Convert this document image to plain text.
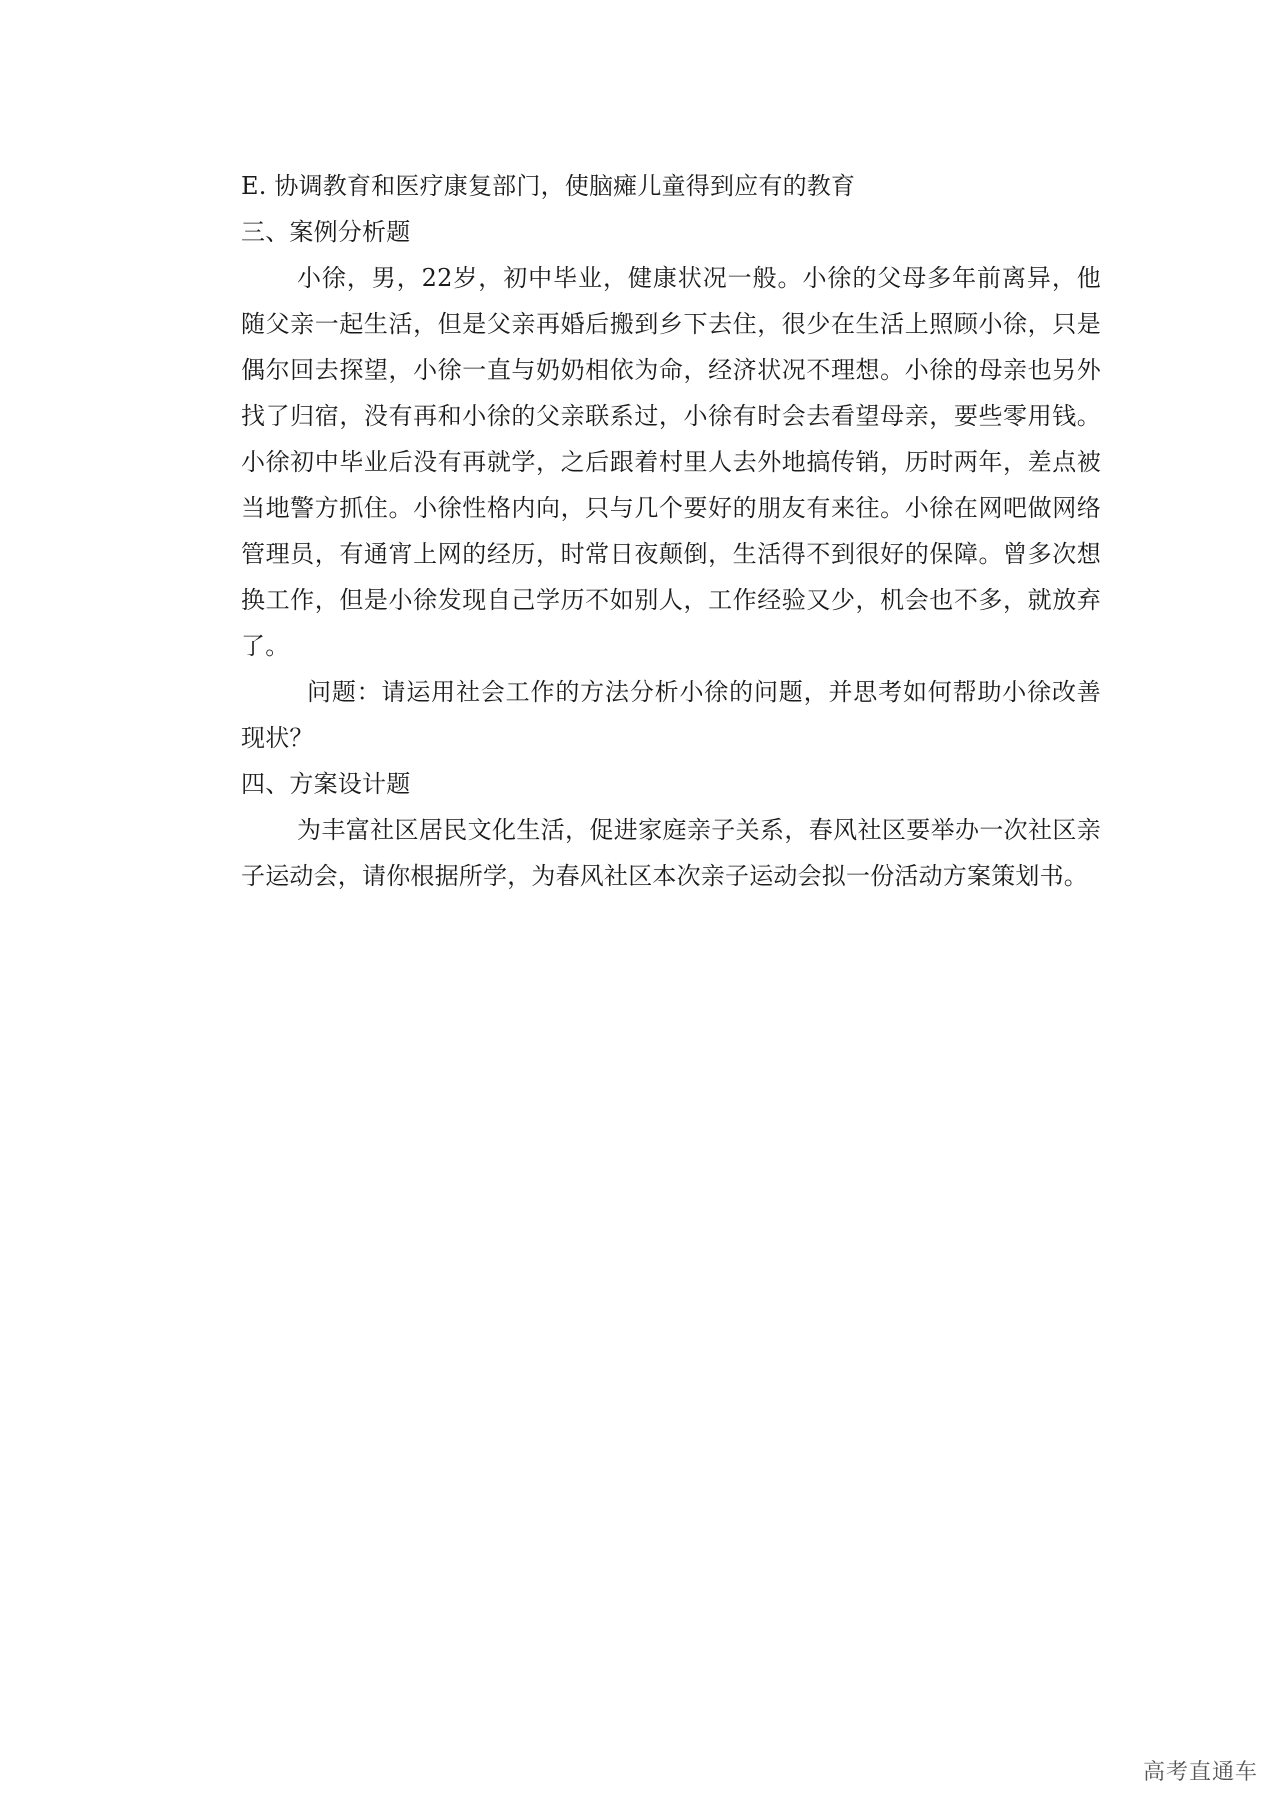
E. 协调教育和医疗康复部门，使脑瘫儿童得到应有的教育
三、案例分析题
小徐，男，22岁，初中毕业，健康状况一般。小徐的父母多年前离异，他随父亲一起生活，但是父亲再婚后搬到乡下去住，很少在生活上照顾小徐，只是偶尔回去探望，小徐一直与奶奶相依为命，经济状况不理想。小徐的母亲也另外找了归宿，没有再和小徐的父亲联系过，小徐有时会去看望母亲，要些零用钱。小徐初中毕业后没有再就学，之后跟着村里人去外地搞传销，历时两年，差点被当地警方抓住。小徐性格内向，只与几个要好的朋友有来往。小徐在网吧做网络管理员，有通宵上网的经历，时常日夜颠倒，生活得不到很好的保障。曾多次想换工作，但是小徐发现自己学历不如别人，工作经验又少，机会也不多，就放弃了。
问题：请运用社会工作的方法分析小徐的问题，并思考如何帮助小徐改善现状？
四、方案设计题
为丰富社区居民文化生活，促进家庭亲子关系，春风社区要举办一次社区亲子运动会，请你根据所学，为春风社区本次亲子运动会拟一份活动方案策划书。
高考直通车
